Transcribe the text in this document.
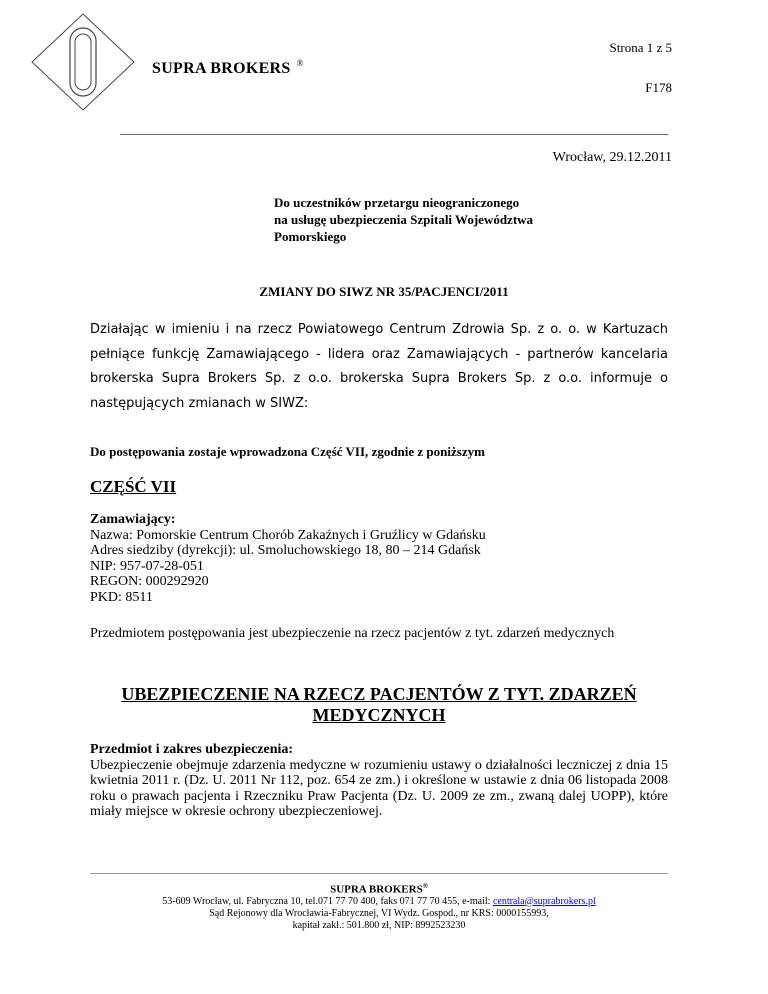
SUPRA BROKERS ®
Strona 1 z 5
F178
Wrocław, 29.12.2011
Do uczestników przetargu nieograniczonego
na usługę ubezpieczenia Szpitali Województwa
Pomorskiego
ZMIANY DO SIWZ NR 35/PACJENCI/2011
Działając w imieniu i na rzecz Powiatowego Centrum Zdrowia Sp. z o. o. w Kartuzach pełniące funkcję Zamawiającego - lidera oraz Zamawiających - partnerów kancelaria brokerska Supra Brokers Sp. z o.o. brokerska Supra Brokers Sp. z o.o. informuje o następujących zmianach w SIWZ:
Do postępowania zostaje wprowadzona Część VII, zgodnie z poniższym
CZĘŚĆ VII
Zamawiający:
Nazwa: Pomorskie Centrum Chorób Zakaźnych i Gruźlicy w Gdańsku
Adres siedziby (dyrekcji): ul. Smoluchowskiego 18, 80 – 214 Gdańsk
NIP: 957-07-28-051
REGON: 000292920
PKD: 8511
Przedmiotem postępowania jest ubezpieczenie na rzecz pacjentów z tyt. zdarzeń medycznych
UBEZPIECZENIE NA RZECZ PACJENTÓW Z TYT. ZDARZEŃ MEDYCZNYCH
Przedmiot i zakres ubezpieczenia:
Ubezpieczenie obejmuje zdarzenia medyczne w rozumieniu ustawy o działalności leczniczej z dnia 15 kwietnia 2011 r. (Dz. U. 2011 Nr 112, poz. 654 ze zm.) i określone w ustawie z dnia 06 listopada 2008 roku o prawach pacjenta i Rzeczniku Praw Pacjenta (Dz. U. 2009 ze zm., zwaną dalej UOPP), które miały miejsce w okresie ochrony ubezpieczeniowej.
SUPRA BROKERS®
53-609 Wrocław, ul. Fabryczna 10, tel.071 77 70 400, faks 071 77 70 455, e-mail: centrala@suprabrokers.pl
Sąd Rejonowy dla Wrocławia-Fabrycznej, VI Wydz. Gospod., nr KRS: 0000155993,
kapitał zakł.: 501.800 zł, NIP: 8992523230
